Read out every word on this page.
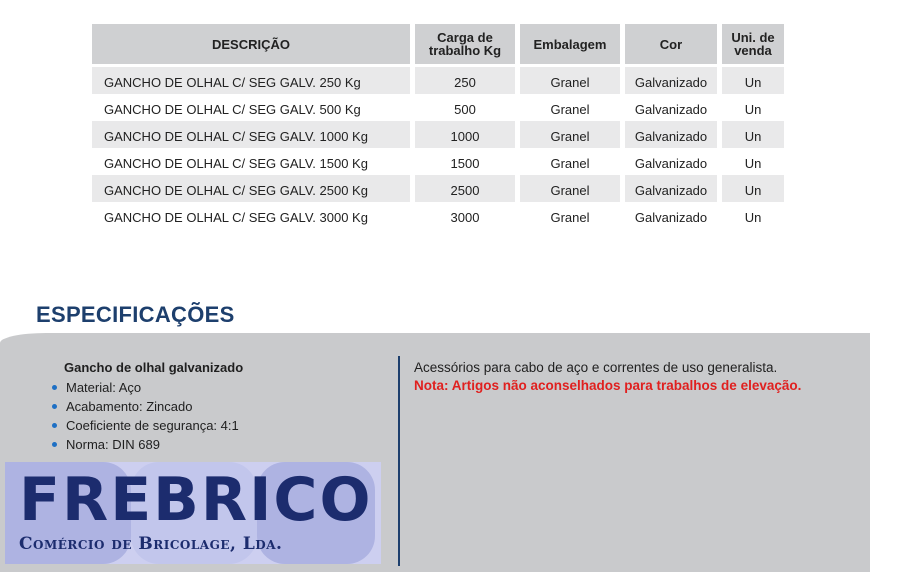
DESCRIÇÃO	Carga de trabalho Kg	Embalagem	Cor	Uni. de venda
GANCHO DE OLHAL C/ SEG GALV. 250 Kg	250	Granel	Galvanizado	Un
GANCHO DE OLHAL C/ SEG GALV. 500 Kg	500	Granel	Galvanizado	Un
GANCHO DE OLHAL C/ SEG GALV. 1000 Kg	1000	Granel	Galvanizado	Un
GANCHO DE OLHAL C/ SEG GALV. 1500 Kg	1500	Granel	Galvanizado	Un
GANCHO DE OLHAL C/ SEG GALV. 2500 Kg	2500	Granel	Galvanizado	Un
GANCHO DE OLHAL C/ SEG GALV. 3000 Kg	3000	Granel	Galvanizado	Un
ESPECIFICAÇÕES
Gancho de olhal galvanizado
Material: Aço
Acabamento: Zincado
Coeficiente de segurança: 4:1
Norma: DIN 689
Acessórios para cabo de aço e correntes de uso generalista.
Nota: Artigos não aconselhados para trabalhos de elevação.
FREBRICO
Comércio de Bricolage, Lda.
